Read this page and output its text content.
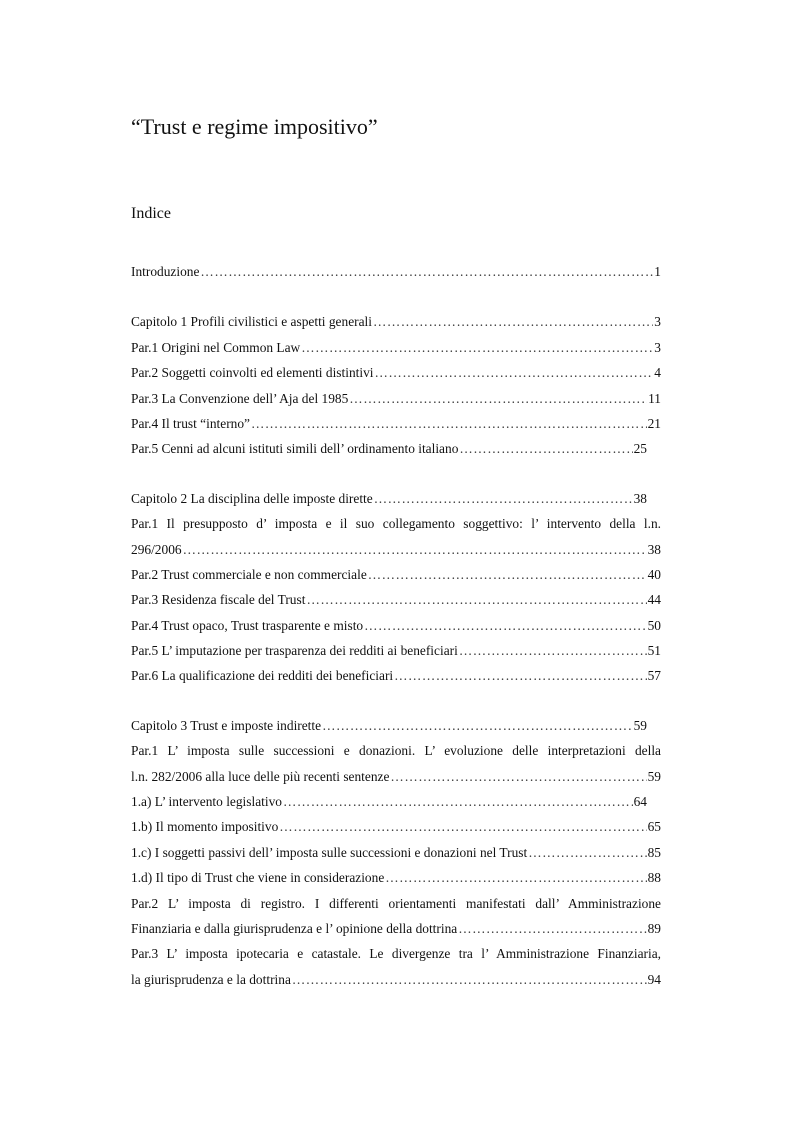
“Trust e regime impositivo”
Indice
Introduzione …………………………………………………………………………………………………………………………………………………………………………………………	1
Capitolo 1 Profili civilistici e aspetti generali …………………………………………………………………………………………………………………………………………………………………………………………	3
Par.1 Origini nel Common Law …………………………………………………………………………………………………………………………………………………………………………………………	3
Par.2 Soggetti coinvolti ed elementi distintivi …………………………………………………………………………………………………………………………………………………………………………………………	4
Par.3 La Convenzione dell’ Aja del 1985 …………………………………………………………………………………………………………………………………………………………………………………………	11
Par.4 Il trust “interno” …………………………………………………………………………………………………………………………………………………………………………………………	21
Par.5 Cenni ad alcuni istituti simili dell’ ordinamento italiano …………………………………………………………………………………………………………………………………………………………………………………………	25
Capitolo 2 La disciplina delle imposte dirette …………………………………………………………………………………………………………………………………………………………………………………………	38
Par.1 Il presupposto d’ imposta e il suo collegamento soggettivo: l’ intervento della l.n.
296/2006 …………………………………………………………………………………………………………………………………………………………………………………………	38
Par.2 Trust commerciale e non commerciale …………………………………………………………………………………………………………………………………………………………………………………………	40
Par.3 Residenza fiscale del Trust …………………………………………………………………………………………………………………………………………………………………………………………	44
Par.4 Trust opaco, Trust trasparente e misto …………………………………………………………………………………………………………………………………………………………………………………………	50
Par.5 L’ imputazione per trasparenza dei redditi ai beneficiari …………………………………………………………………………………………………………………………………………………………………………………………	51
Par.6 La qualificazione dei redditi dei beneficiari …………………………………………………………………………………………………………………………………………………………………………………………	57
Capitolo 3 Trust e imposte indirette …………………………………………………………………………………………………………………………………………………………………………………………	59
Par.1 L’ imposta sulle successioni e donazioni. L’ evoluzione delle interpretazioni della
l.n. 282/2006 alla luce delle più recenti sentenze …………………………………………………………………………………………………………………………………………………………………………………………	59
1.a) L’ intervento legislativo …………………………………………………………………………………………………………………………………………………………………………………………	64
1.b) Il momento impositivo …………………………………………………………………………………………………………………………………………………………………………………………	65
1.c) I soggetti passivi dell’ imposta sulle successioni e donazioni nel Trust …………………………………………………………………………………………………………………………………………………………………………………………	85
1.d) Il tipo di Trust che viene in considerazione …………………………………………………………………………………………………………………………………………………………………………………………	88
Par.2 L’ imposta di registro. I differenti orientamenti manifestati dall’ Amministrazione
Finanziaria e dalla giurisprudenza e l’ opinione della dottrina …………………………………………………………………………………………………………………………………………………………………………………………	89
Par.3 L’ imposta ipotecaria e catastale. Le divergenze tra l’ Amministrazione Finanziaria,
la giurisprudenza e la dottrina …………………………………………………………………………………………………………………………………………………………………………………………	94
